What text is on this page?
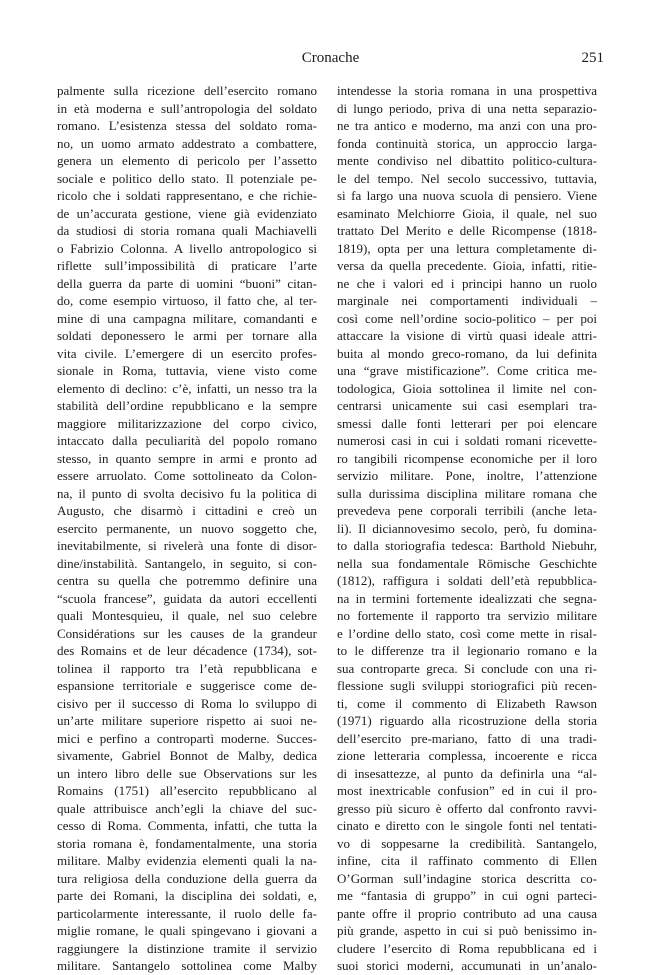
Cronache	251
palmente sulla ricezione dell’esercito romano
in età moderna e sull’antropologia del soldato
romano. L’esistenza stessa del soldato roma-
no, un uomo armato addestrato a combattere,
genera un elemento di pericolo per l’assetto
sociale e politico dello stato. Il potenziale pe-
ricolo che i soldati rappresentano, e che richie-
de un’accurata gestione, viene già evidenziato
da studiosi di storia romana quali Machiavelli
o Fabrizio Colonna. A livello antropologico si
riflette sull’impossibilità di praticare l’arte
della guerra da parte di uomini “buoni” citan-
do, come esempio virtuoso, il fatto che, al ter-
mine di una campagna militare, comandanti e
soldati deponessero le armi per tornare alla
vita civile. L’emergere di un esercito profes-
sionale in Roma, tuttavia, viene visto come
elemento di declino: c’è, infatti, un nesso tra la
stabilità dell’ordine repubblicano e la sempre
maggiore militarizzazione del corpo civico,
intaccato dalla peculiarità del popolo romano
stesso, in quanto sempre in armi e pronto ad
essere arruolato. Come sottolineato da Colon-
na, il punto di svolta decisivo fu la politica di
Augusto, che disarmò i cittadini e creò un
esercito permanente, un nuovo soggetto che,
inevitabilmente, si rivelerà una fonte di disor-
dine/instabilità. Santangelo, in seguito, si con-
centra su quella che potremmo definire una
“scuola francese”, guidata da autori eccellenti
quali Montesquieu, il quale, nel suo celebre
Considérations sur les causes de la grandeur
des Romains et de leur décadence (1734), sot-
tolinea il rapporto tra l’età repubblicana e
espansione territoriale e suggerisce come de-
cisivo per il successo di Roma lo sviluppo di
un’arte militare superiore rispetto ai suoi ne-
mici e perfino a contropartì moderne. Succes-
sivamente, Gabriel Bonnot de Malby, dedica
un intero libro delle sue Observations sur les
Romains (1751) all’esercito repubblicano al
quale attribuisce anch’egli la chiave del suc-
cesso di Roma. Commenta, infatti, che tutta la
storia romana è, fondamentalmente, una storia
militare. Malby evidenzia elementi quali la na-
tura religiosa della conduzione della guerra da
parte dei Romani, la disciplina dei soldati, e,
particolarmente interessante, il ruolo delle fa-
miglie romane, le quali spingevano i giovani a
raggiungere la distinzione tramite il servizio
militare. Santangelo sottolinea come Malby
intendesse la storia romana in una prospettiva
di lungo periodo, priva di una netta separazio-
ne tra antico e moderno, ma anzi con una pro-
fonda continuità storica, un approccio larga-
mente condiviso nel dibattito politico-cultura-
le del tempo. Nel secolo successivo, tuttavia,
si fa largo una nuova scuola di pensiero. Viene
esaminato Melchiorre Gioia, il quale, nel suo
trattato Del Merito e delle Ricompense (1818-
1819), opta per una lettura completamente di-
versa da quella precedente. Gioia, infatti, ritie-
ne che i valori ed i principi hanno un ruolo
marginale nei comportamenti individuali –
così come nell’ordine socio-politico – per poi
attaccare la visione di virtù quasi ideale attri-
buita al mondo greco-romano, da lui definita
una “grave mistificazione”. Come critica me-
todologica, Gioia sottolinea il limite nel con-
centrarsi unicamente sui casi esemplari tra-
smessi dalle fonti letterari per poi elencare
numerosi casi in cui i soldati romani ricevette-
ro tangibili ricompense economiche per il loro
servizio militare. Pone, inoltre, l’attenzione
sulla durissima disciplina militare romana che
prevedeva pene corporali terribili (anche leta-
li). Il diciannovesimo secolo, però, fu domina-
to dalla storiografia tedesca: Barthold Niebuhr,
nella sua fondamentale Römische Geschichte
(1812), raffigura i soldati dell’età repubblica-
na in termini fortemente idealizzati che segna-
no fortemente il rapporto tra servizio militare
e l’ordine dello stato, così come mette in risal-
to le differenze tra il legionario romano e la
sua controparte greca. Si conclude con una ri-
flessione sugli sviluppi storiografici più recen-
ti, come il commento di Elizabeth Rawson
(1971) riguardo alla ricostruzione della storia
dell’esercito pre-mariano, fatto di una tradi-
zione letteraria complessa, incoerente e ricca
di insesattezze, al punto da definirla una “al-
most inextricable confusion” ed in cui il pro-
gresso più sicuro è offerto dal confronto ravvi-
cinato e diretto con le singole fonti nel tentati-
vo di soppesarne la credibilità. Santangelo,
infine, cita il raffinato commento di Ellen
O’Gorman sull’indagine storica descritta co-
me “fantasia di gruppo” in cui ogni parteci-
pante offre il proprio contributo ad una causa
più grande, aspetto in cui si può benissimo in-
cludere l’esercito di Roma repubblicana ed i
suoi storici moderni, accumunati in un’analo-
